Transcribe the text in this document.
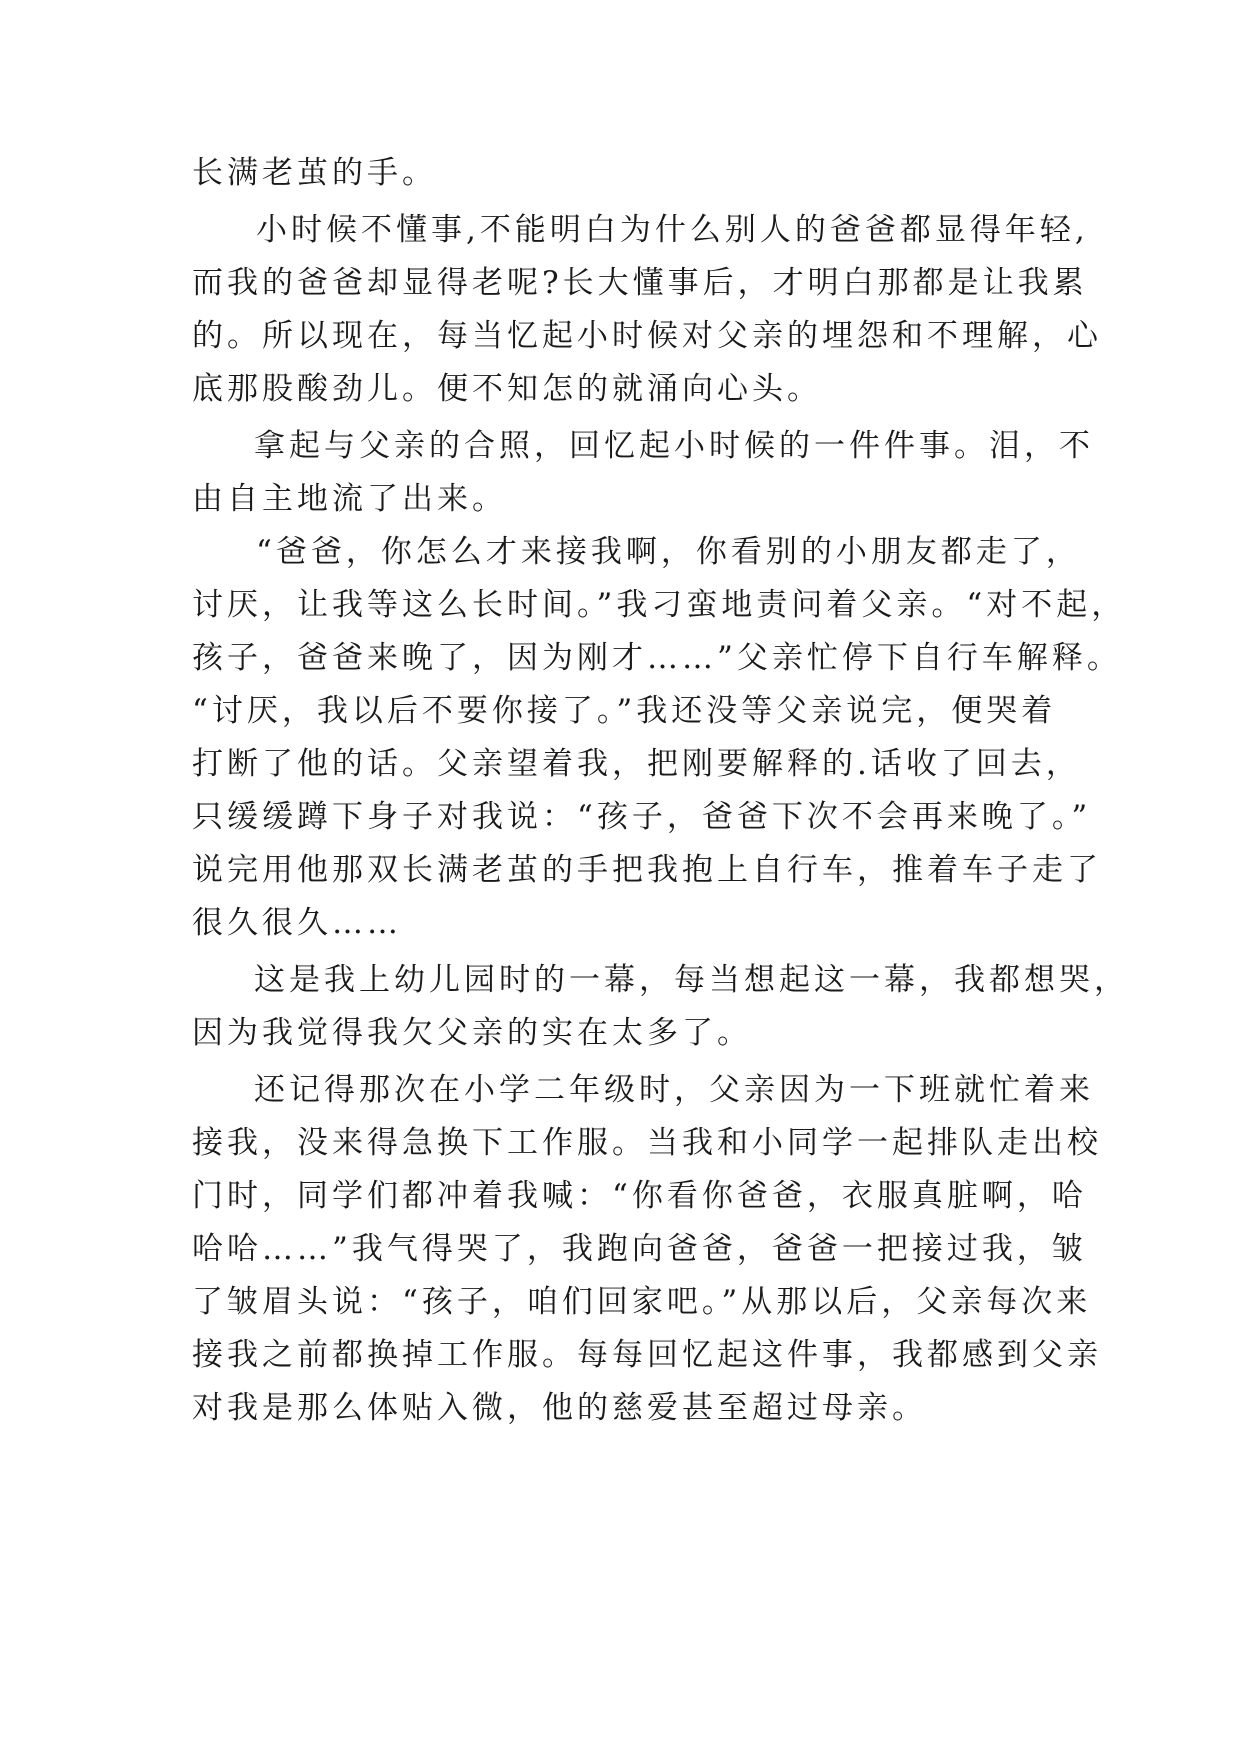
长满老茧的手。
小时候不懂事,不能明白为什么别人的爸爸都显得年轻,
而我的爸爸却显得老呢?长大懂事后，才明白那都是让我累
的。所以现在，每当忆起小时候对父亲的埋怨和不理解，心
底那股酸劲儿。便不知怎的就涌向心头。
拿起与父亲的合照，回忆起小时候的一件件事。泪，不
由自主地流了出来。
“爸爸，你怎么才来接我啊，你看别的小朋友都走了，
讨厌，让我等这么长时间。”我刁蛮地责问着父亲。“对不起，
孩子，爸爸来晚了，因为刚才……”父亲忙停下自行车解释。
“讨厌，我以后不要你接了。”我还没等父亲说完，便哭着
打断了他的话。父亲望着我，把刚要解释的.话收了回去，
只缓缓蹲下身子对我说：“孩子，爸爸下次不会再来晚了。”
说完用他那双长满老茧的手把我抱上自行车，推着车子走了
很久很久……
这是我上幼儿园时的一幕，每当想起这一幕，我都想哭，
因为我觉得我欠父亲的实在太多了。
还记得那次在小学二年级时，父亲因为一下班就忙着来
接我，没来得急换下工作服。当我和小同学一起排队走出校
门时，同学们都冲着我喊：“你看你爸爸，衣服真脏啊，哈
哈哈……”我气得哭了，我跑向爸爸，爸爸一把接过我，皱
了皱眉头说：“孩子，咱们回家吧。”从那以后，父亲每次来
接我之前都换掉工作服。每每回忆起这件事，我都感到父亲
对我是那么体贴入微，他的慈爱甚至超过母亲。
